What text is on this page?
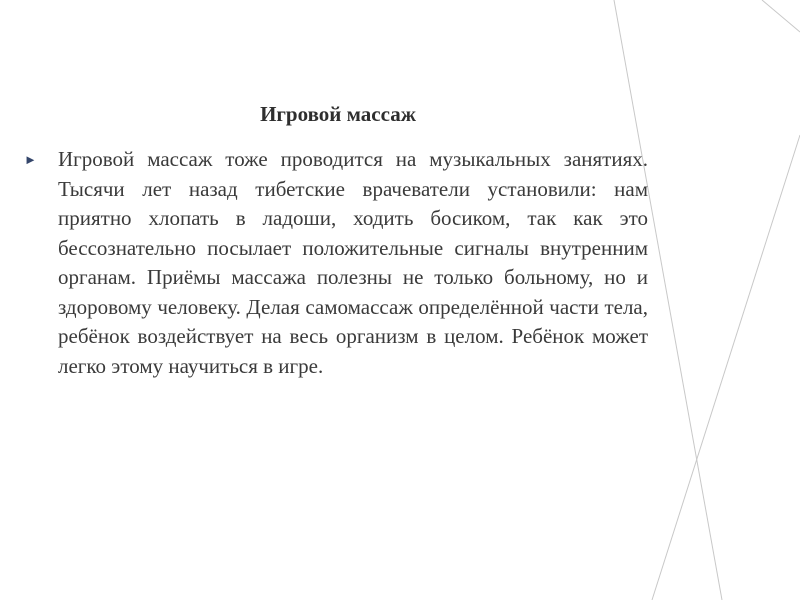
Игровой массаж
►	Игровой массаж тоже проводится на музыкальных занятиях. Тысячи лет назад тибетские врачеватели установили: нам приятно хлопать в ладоши, ходить босиком, так как это бессознательно посылает положительные сигналы внутренним органам. Приёмы массажа полезны не только больному, но и здоровому человеку. Делая самомассаж определённой части тела, ребёнок воздействует на весь организм в целом. Ребёнок может легко этому научиться в игре.
